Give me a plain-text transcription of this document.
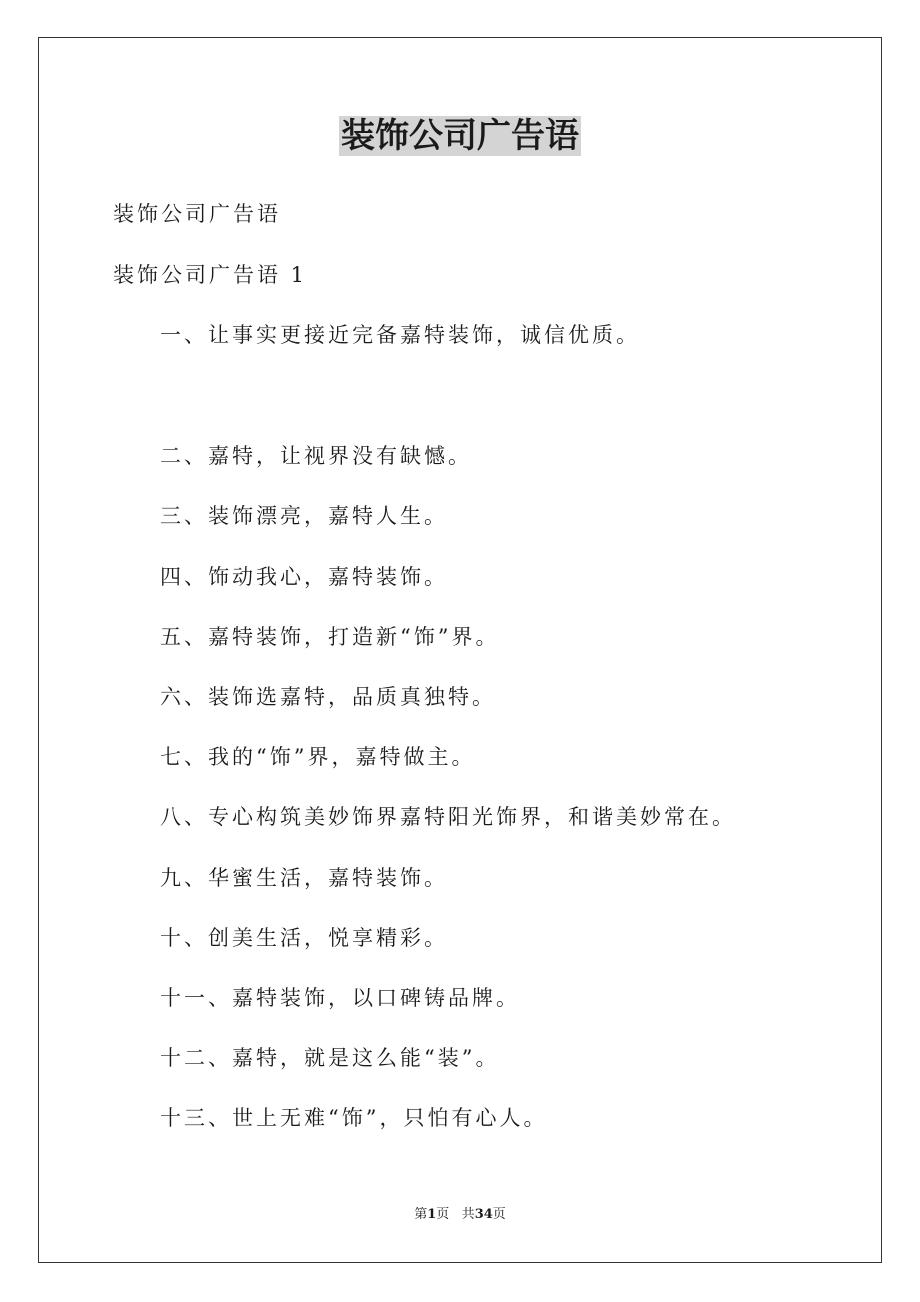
装饰公司广告语
装饰公司广告语
装饰公司广告语 1
一、让事实更接近完备嘉特装饰，诚信优质。
二、嘉特，让视界没有缺憾。
三、装饰漂亮，嘉特人生。
四、饰动我心，嘉特装饰。
五、嘉特装饰，打造新“饰”界。
六、装饰选嘉特，品质真独特。
七、我的“饰”界，嘉特做主。
八、专心构筑美妙饰界嘉特阳光饰界，和谐美妙常在。
九、华蜜生活，嘉特装饰。
十、创美生活，悦享精彩。
十一、嘉特装饰，以口碑铸品牌。
十二、嘉特，就是这么能“装”。
十三、世上无难“饰”，只怕有心人。
第1页 共34页
